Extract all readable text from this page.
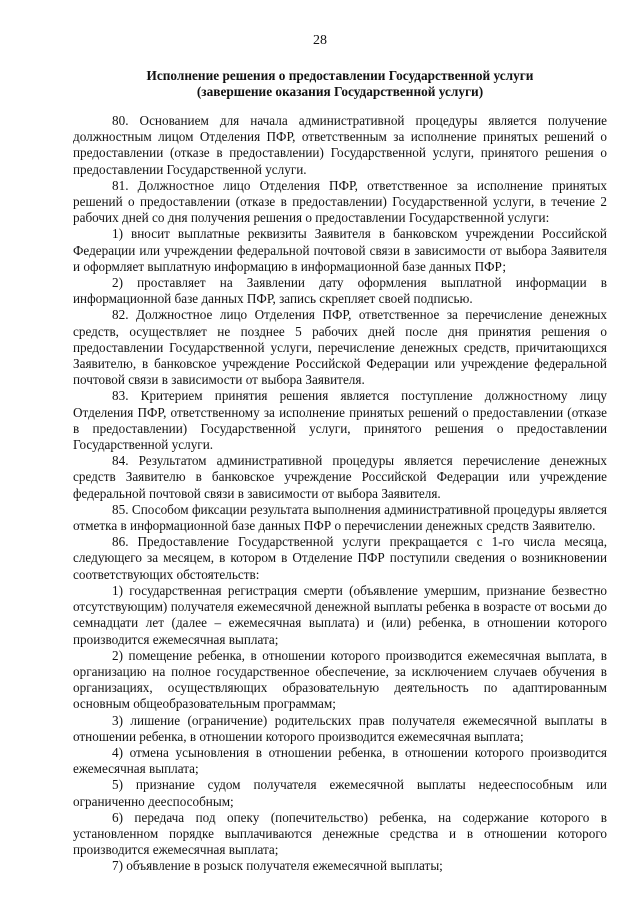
28
Исполнение решения о предоставлении Государственной услуги
(завершение оказания Государственной услуги)

80. Основанием для начала административной процедуры является получение должностным лицом Отделения ПФР, ответственным за исполнение принятых решений о предоставлении (отказе в предоставлении) Государственной услуги, принятого решения о предоставлении Государственной услуги.

81. Должностное лицо Отделения ПФР, ответственное за исполнение принятых решений о предоставлении (отказе в предоставлении) Государственной услуги, в течение 2 рабочих дней со дня получения решения о предоставлении Государственной услуги:

1) вносит выплатные реквизиты Заявителя в банковском учреждении Российской Федерации или учреждении федеральной почтовой связи в зависимости от выбора Заявителя и оформляет выплатную информацию в информационной базе данных ПФР;

2) проставляет на Заявлении дату оформления выплатной информации в информационной базе данных ПФР, запись скрепляет своей подписью.

82. Должностное лицо Отделения ПФР, ответственное за перечисление денежных средств, осуществляет не позднее 5 рабочих дней после дня принятия решения о предоставлении Государственной услуги, перечисление денежных средств, причитающихся Заявителю, в банковское учреждение Российской Федерации или учреждение федеральной почтовой связи в зависимости от выбора Заявителя.

83. Критерием принятия решения является поступление должностному лицу Отделения ПФР, ответственному за исполнение принятых решений о предоставлении (отказе в предоставлении) Государственной услуги, принятого решения о предоставлении Государственной услуги.

84. Результатом административной процедуры является перечисление денежных средств Заявителю в банковское учреждение Российской Федерации или учреждение федеральной почтовой связи в зависимости от выбора Заявителя.

85. Способом фиксации результата выполнения административной процедуры является отметка в информационной базе данных ПФР о перечислении денежных средств Заявителю.

86. Предоставление Государственной услуги прекращается с 1-го числа месяца, следующего за месяцем, в котором в Отделение ПФР поступили сведения о возникновении соответствующих обстоятельств:

1) государственная регистрация смерти (объявление умершим, признание безвестно отсутствующим) получателя ежемесячной денежной выплаты ребенка в возрасте от восьми до семнадцати лет (далее – ежемесячная выплата) и (или) ребенка, в отношении которого производится ежемесячная выплата;

2) помещение ребенка, в отношении которого производится ежемесячная выплата, в организацию на полное государственное обеспечение, за исключением случаев обучения в организациях, осуществляющих образовательную деятельность по адаптированным основным общеобразовательным программам;

3) лишение (ограничение) родительских прав получателя ежемесячной выплаты в отношении ребенка, в отношении которого производится ежемесячная выплата;

4) отмена усыновления в отношении ребенка, в отношении которого производится ежемесячная выплата;

5) признание судом получателя ежемесячной выплаты недееспособным или ограниченно дееспособным;

6) передача под опеку (попечительство) ребенка, на содержание которого в установленном порядке выплачиваются денежные средства и в отношении которого производится ежемесячная выплата;

7) объявление в розыск получателя ежемесячной выплаты;
